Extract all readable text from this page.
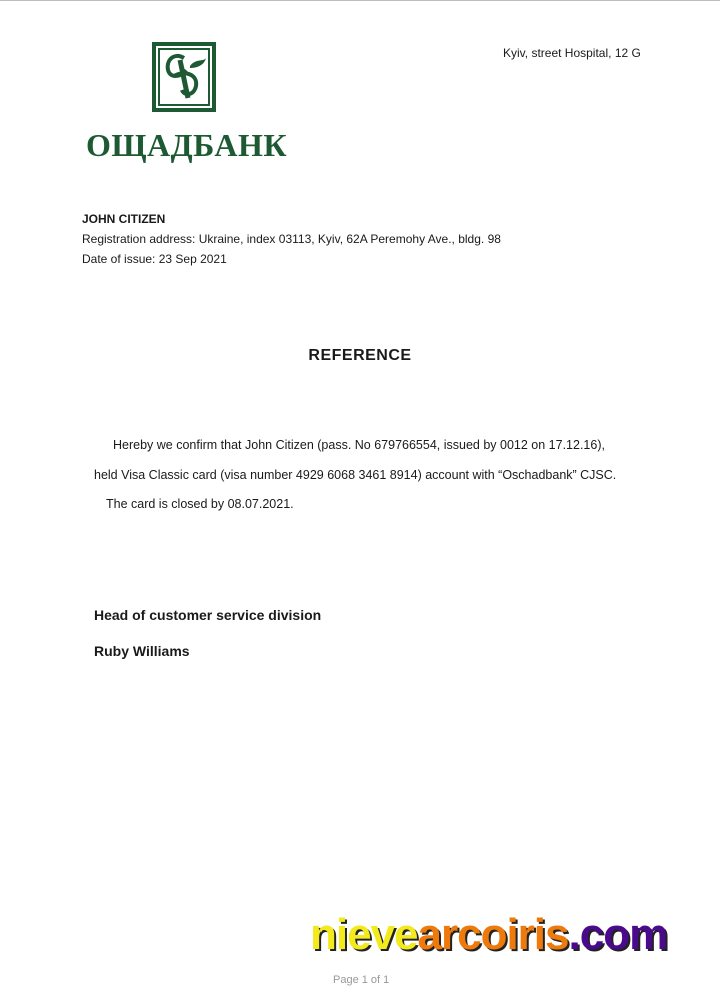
ОЩАДБАНК
Kyiv, street Hospital, 12 G
JOHN CITIZEN
Registration address: Ukraine, index 03113, Kyiv, 62A Peremohy Ave., bldg. 98
Date of issue: 23 Sep 2021
REFERENCE
Hereby we confirm that John Citizen (pass. No 679766554, issued by 0012 on 17.12.16),
held Visa Classic card (visa number 4929 6068 3461 8914) account with “Oschadbank” CJSC.
The card is closed by 08.07.2021.
Head of customer service division
Ruby Williams
nievearcoiris.com
Page 1 of 1
